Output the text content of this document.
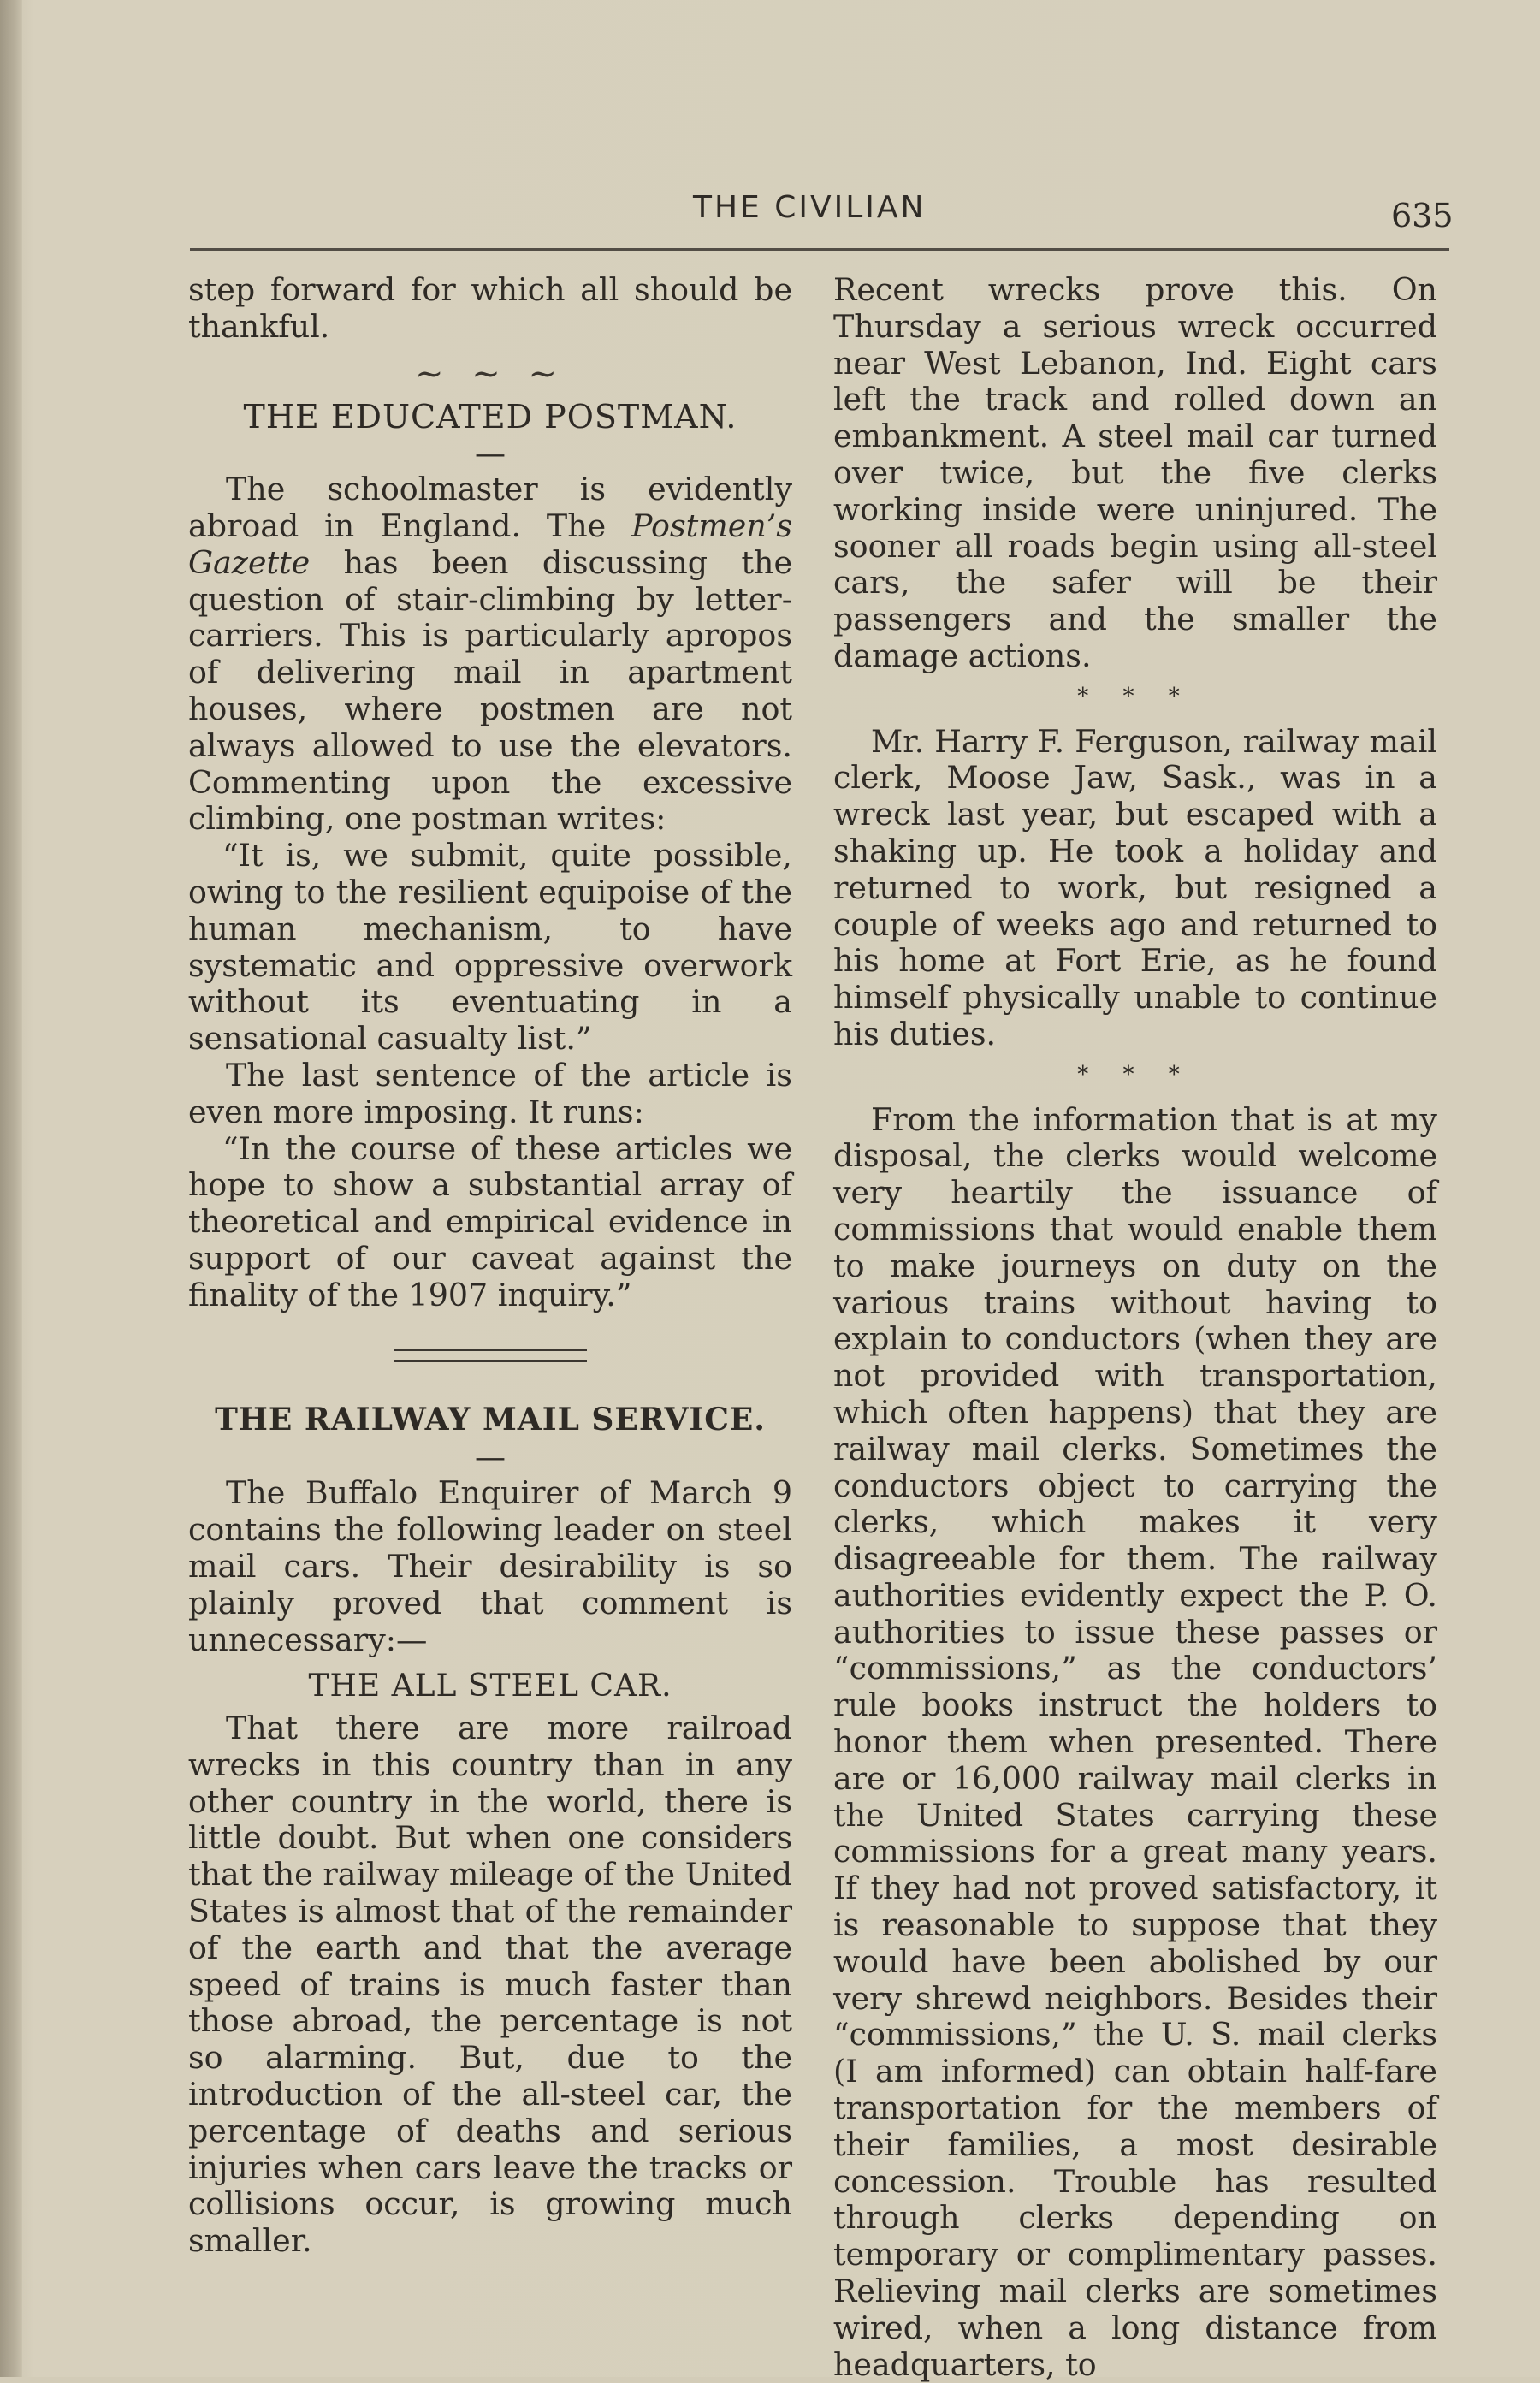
THE CIVILIAN	635

step forward for which all should be thankful.

~ ~ ~
THE EDUCATED POSTMAN.
—

The schoolmaster is evidently abroad in England. The Postmen’s Gazette has been discussing the question of stair-climbing by letter-carriers. This is particularly apropos of delivering mail in apartment houses, where postmen are not always allowed to use the elevators. Commenting upon the excessive climbing, one postman writes:

“It is, we submit, quite possible, owing to the resilient equipoise of the human mechanism, to have systematic and oppressive overwork without its eventuating in a sensational casualty list.”

The last sentence of the article is even more imposing. It runs:

“In the course of these articles we hope to show a substantial array of theoretical and empirical evidence in support of our caveat against the finality of the 1907 inquiry.”

THE RAILWAY MAIL SERVICE.
—

The Buffalo Enquirer of March 9 contains the following leader on steel mail cars. Their desirability is so plainly proved that comment is unnecessary:—

THE ALL STEEL CAR.

That there are more railroad wrecks in this country than in any other country in the world, there is little doubt. But when one considers that the railway mileage of the United States is almost that of the remainder of the earth and that the average speed of trains is much faster than those abroad, the percentage is not so alarming. But, due to the introduction of the all-steel car, the percentage of deaths and serious injuries when cars leave the tracks or collisions occur, is growing much smaller.

Recent wrecks prove this. On Thursday a serious wreck occurred near West Lebanon, Ind. Eight cars left the track and rolled down an embankment. A steel mail car turned over twice, but the five clerks working inside were uninjured. The sooner all roads begin using all-steel cars, the safer will be their passengers and the smaller the damage actions.

* * *

Mr. Harry F. Ferguson, railway mail clerk, Moose Jaw, Sask., was in a wreck last year, but escaped with a shaking up. He took a holiday and returned to work, but resigned a couple of weeks ago and returned to his home at Fort Erie, as he found himself physically unable to continue his duties.

* * *

From the information that is at my disposal, the clerks would welcome very heartily the issuance of commissions that would enable them to make journeys on duty on the various trains without having to explain to conductors (when they are not provided with transportation, which often happens) that they are railway mail clerks. Sometimes the conductors object to carrying the clerks, which makes it very disagreeable for them. The railway authorities evidently expect the P. O. authorities to issue these passes or “commissions,” as the conductors’ rule books instruct the holders to honor them when presented. There are or 16,000 railway mail clerks in the United States carrying these commissions for a great many years. If they had not proved satisfactory, it is reasonable to suppose that they would have been abolished by our very shrewd neighbors. Besides their “commissions,” the U. S. mail clerks (I am informed) can obtain half-fare transportation for the members of their families, a most desirable concession. Trouble has resulted through clerks depending on temporary or complimentary passes. Relieving mail clerks are sometimes wired, when a long distance from headquarters, to
